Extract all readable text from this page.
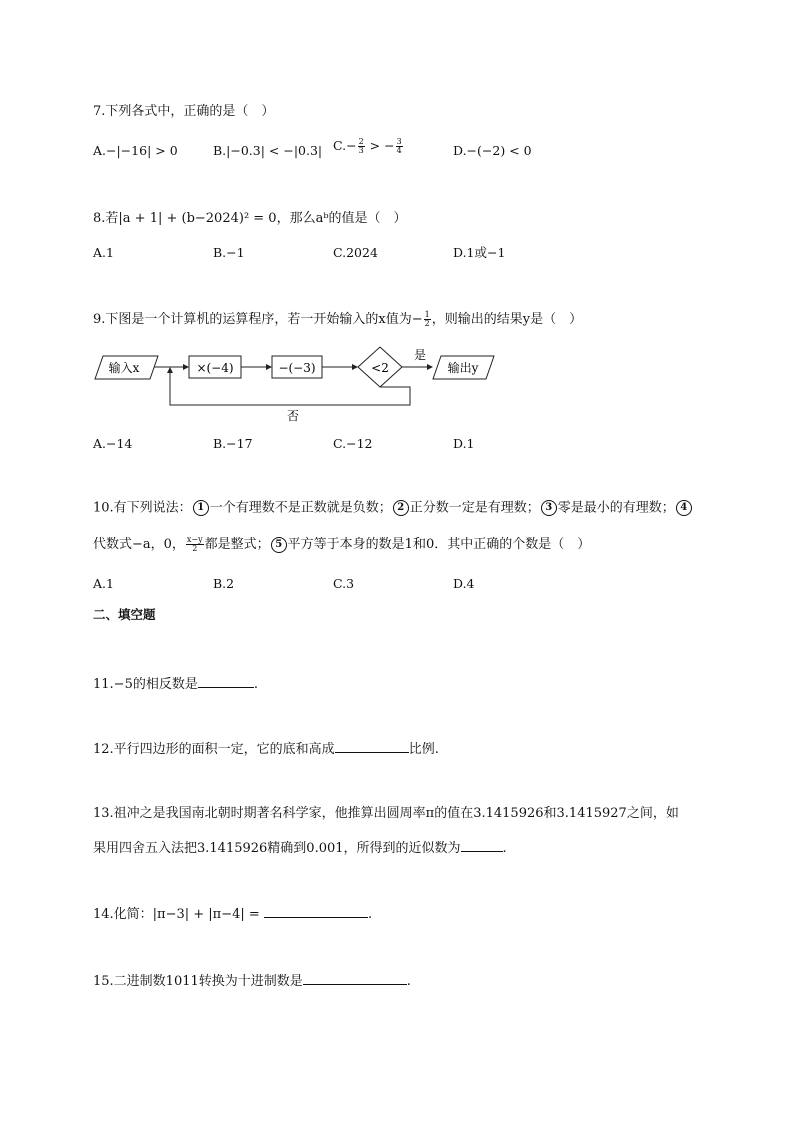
7.下列各式中，正确的是（　）
A.−|−16| > 0	B.|−0.3| < −|0.3| $C.- \frac{2}{3}$ > − $\frac{3}{4}$	D.−(−2) < 0
8.若|a + 1| + (b−2024)² = 0，那么aᵇ的值是（　）
A.1	B.−1	C.2024	D.1或−1
9.下图是一个计算机的运算程序，若一开始输入的x值为− $\frac{1}{2}$ ，则输出的结果y是（　）
输入x	×(−4)	−(−3)	<2
是
输出y
否
A.−14	B.−17	C.−12	D.1
10.有下列说法： 1 一个有理数不是正数就是负数； 2 正分数一定是有理数； 3 零是最小的有理数； 4
代数式−a，0， $\frac{x-y}{2}$ 都是整式； 5 平方等于本身的数是1和0．其中正确的个数是（　）
A.1	B.2	C.3	D.4
二、填空题
11.−5的相反数是	.
12.平行四边形的面积一定，它的底和高成	比例.
13.祖冲之是我国南北朝时期著名科学家，他推算出圆周率π的值在3.1415926和3.1415927之间，如
果用四舍五入法把3.1415926精确到0.001，所得到的近似数为	.
14.化简：|π−3| + |π−4| =	.
15.二进制数1011转换为十进制数是	.
